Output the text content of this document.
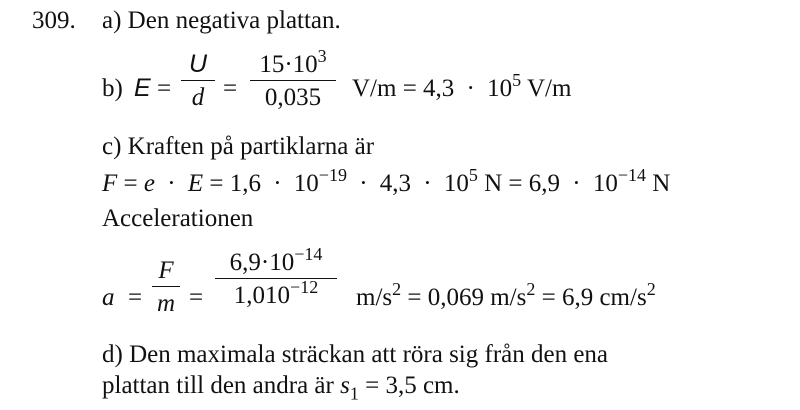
309. a) Den negativa plattan.
b) E =
U
d =
$15\cdot 10^3$
0,035	$V/m = 4,3 \cdot 10^5$ V/m
c) Kraften på partiklarna är
$F = e \cdot E = 1,6 \cdot 10^{-19} \cdot 4,3 \cdot 10^5$ $N = 6,9 \cdot 10^{-14}$ N
Accelerationen
a =
F
m =
$6,9\cdot 10^{-14}$
$1,010^{-12}$	$m/s^2 = 0,069$ $m/s^2 = 6,9$ $cm/s^2$
d) Den maximala sträckan att röra sig från den ena
plattan till den andra är $s_1 = 3,5$ cm.
